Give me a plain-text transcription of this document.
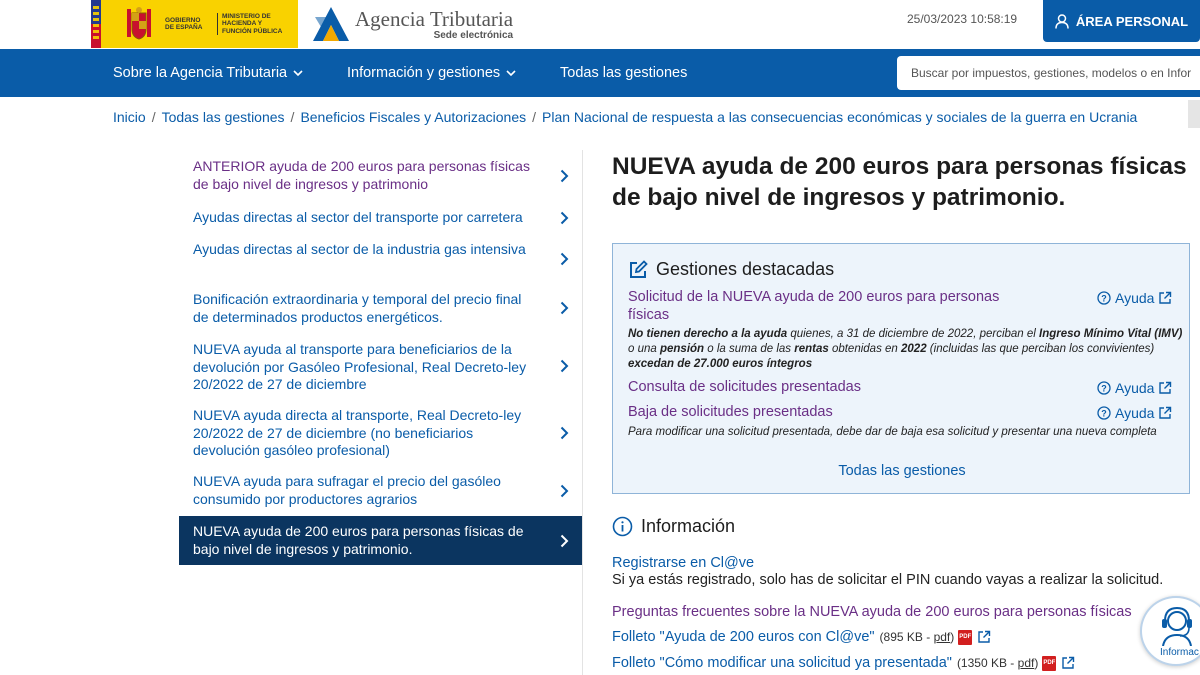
GOBIERNO DE ESPAÑA
MINISTERIO DE HACIENDA Y FUNCIÓN PÚBLICA
Agencia Tributaria
Sede electrónica
25/03/2023 10:58:19	ÁREA PERSONAL
Sobre la Agencia Tributaria	Información y gestiones	Todas las gestiones
Buscar por impuestos, gestiones, modelos o en Infor
Inicio / Todas las gestiones / Beneficios Fiscales y Autorizaciones / Plan Nacional de respuesta a las consecuencias económicas y sociales de la guerra en Ucrania
ANTERIOR ayuda de 200 euros para personas físicas de bajo nivel de ingresos y patrimonio
Ayudas directas al sector del transporte por carretera
Ayudas directas al sector de la industria gas intensiva
Bonificación extraordinaria y temporal del precio final de determinados productos energéticos.
NUEVA ayuda al transporte para beneficiarios de la devolución por Gasóleo Profesional, Real Decreto-ley 20/2022 de 27 de diciembre
NUEVA ayuda directa al transporte, Real Decreto-ley 20/2022 de 27 de diciembre (no beneficiarios devolución gasóleo profesional)
NUEVA ayuda para sufragar el precio del gasóleo consumido por productores agrarios
NUEVA ayuda de 200 euros para personas físicas de bajo nivel de ingresos y patrimonio.
NUEVA ayuda de 200 euros para personas físicas de bajo nivel de ingresos y patrimonio.
Gestiones destacadas
Solicitud de la NUEVA ayuda de 200 euros para personas físicas
? Ayuda
No tienen derecho a la ayuda quienes, a 31 de diciembre de 2022, perciban el Ingreso Mínimo Vital (IMV) o una pensión o la suma de las rentas obtenidas en 2022 (incluidas las que perciban los convivientes) excedan de 27.000 euros íntegros
Consulta de solicitudes presentadas	? Ayuda
Baja de solicitudes presentadas	? Ayuda
Para modificar una solicitud presentada, debe dar de baja esa solicitud y presentar una nueva completa
Todas las gestiones
Información
Registrarse en Cl@ve
Si ya estás registrado, solo has de solicitar el PIN cuando vayas a realizar la solicitud.
Preguntas frecuentes sobre la NUEVA ayuda de 200 euros para personas físicas
Folleto "Ayuda de 200 euros con Cl@ve" (895 KB - pdf) PDF
Folleto "Cómo modificar una solicitud ya presentada" (1350 KB - pdf) PDF
Informac
